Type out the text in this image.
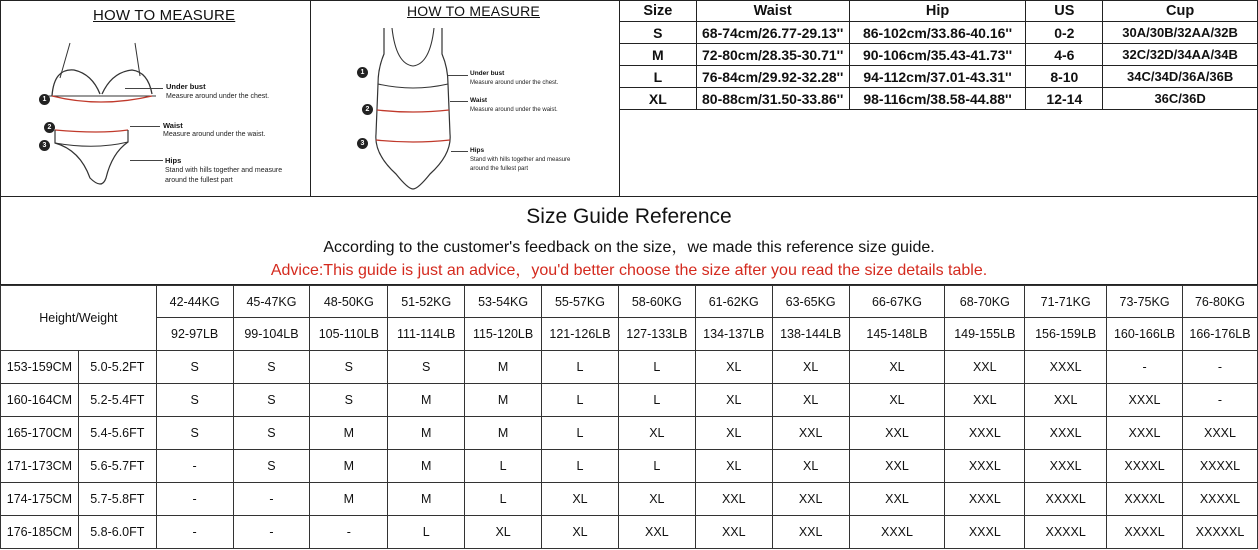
HOW TO MEASURE
1
Under bust
Measure around under the chest.
2	Waist
Measure around under the waist.
3
Hips
Stand with hills together and measure
around the fullest part
HOW TO MEASURE
1	Under bust
Measure around under the chest.
2
Waist
Measure around under the waist.
3
Hips
Stand with hills together and measure
around the fullest part
Size	Waist	Hip	US	Cup
S	68-74cm/26.77-29.13''	86-102cm/33.86-40.16''	0-2	30A/30B/32AA/32B
M	72-80cm/28.35-30.71''	90-106cm/35.43-41.73''	4-6	32C/32D/34AA/34B
L	76-84cm/29.92-32.28''	94-112cm/37.01-43.31''	8-10	34C/34D/36A/36B
XL	80-88cm/31.50-33.86''	98-116cm/38.58-44.88''	12-14	36C/36D
Size Guide Reference
According to the customer's feedback on the size，we made this reference size guide.
Advice:This guide is just an advice，you'd better choose the size after you read the size details table.
Height/Weight		42-44KG	45-47KG	48-50KG	51-52KG	53-54KG	55-57KG	58-60KG	61-62KG	63-65KG	66-67KG	68-70KG	71-71KG	73-75KG	76-80KG
		92-97LB	99-104LB	105-110LB	111-114LB	115-120LB	121-126LB	127-133LB	134-137LB	138-144LB	145-148LB	149-155LB	156-159LB	160-166LB	166-176LB
153-159CM	5.0-5.2FT	S	S	S	S	M	L	L	XL	XL	XL	XXL	XXXL	-	-
160-164CM	5.2-5.4FT	S	S	S	M	M	L	L	XL	XL	XL	XXL	XXL	XXXL	-
165-170CM	5.4-5.6FT	S	S	M	M	M	L	XL	XL	XXL	XXL	XXXL	XXXL	XXXL	XXXL
171-173CM	5.6-5.7FT	-	S	M	M	L	L	L	XL	XL	XXL	XXXL	XXXL	XXXXL	XXXXL
174-175CM	5.7-5.8FT	-	-	M	M	L	XL	XL	XXL	XXL	XXL	XXXL	XXXXL	XXXXL	XXXXL
176-185CM	5.8-6.0FT	-	-	-	L	XL	XL	XXL	XXL	XXL	XXXL	XXXL	XXXXL	XXXXL	XXXXXL
